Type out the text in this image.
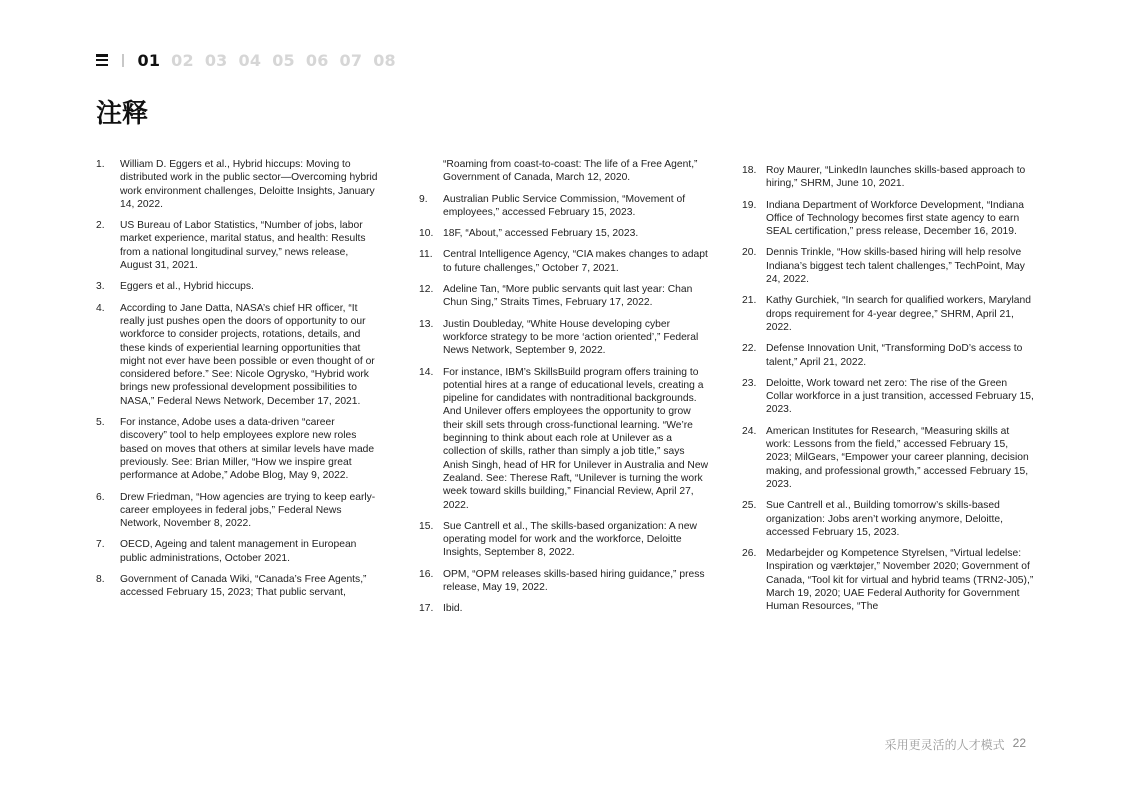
01 02 03 04 05 06 07 08
注释
1.	William D. Eggers et al., Hybrid hiccups: Moving to distributed work in the public sector—Overcoming hybrid work environment challenges, Deloitte Insights, January 14, 2022.
2.	US Bureau of Labor Statistics, “Number of jobs, labor market experience, marital status, and health: Results from a national longitudinal survey,” news release, August 31, 2021.
3.	Eggers et al., Hybrid hiccups.
4.	According to Jane Datta, NASA’s chief HR officer, “It really just pushes open the doors of opportunity to our workforce to consider projects, rotations, details, and these kinds of experiential learning opportunities that might not ever have been possible or even thought of or considered before.” See: Nicole Ogrysko, “Hybrid work brings new professional development possibilities to NASA,” Federal News Network, December 17, 2021.
5.	For instance, Adobe uses a data-driven “career discovery” tool to help employees explore new roles based on moves that others at similar levels have made previously. See: Brian Miller, “How we inspire great performance at Adobe,” Adobe Blog, May 9, 2022.
6.	Drew Friedman, “How agencies are trying to keep early-career employees in federal jobs,” Federal News Network, November 8, 2022.
7.	OECD, Ageing and talent management in European public administrations, October 2021.
8.	Government of Canada Wiki, “Canada’s Free Agents,” accessed February 15, 2023; That public servant,
“Roaming from coast-to-coast: The life of a Free Agent,” Government of Canada, March 12, 2020.
9.	Australian Public Service Commission, “Movement of employees,” accessed February 15, 2023.
10. 18F, “About,” accessed February 15, 2023.
11.	Central Intelligence Agency, “CIA makes changes to adapt to future challenges,” October 7, 2021.
12. Adeline Tan, “More public servants quit last year: Chan Chun Sing,” Straits Times, February 17, 2022.
13. Justin Doubleday, “White House developing cyber workforce strategy to be more ‘action oriented’,” Federal News Network, September 9, 2022.
14. For instance, IBM’s SkillsBuild program offers training to potential hires at a range of educational levels, creating a pipeline for candidates with nontraditional backgrounds. And Unilever offers employees the opportunity to grow their skill sets through cross-functional learning. “We’re beginning to think about each role at Unilever as a collection of skills, rather than simply a job title,” says Anish Singh, head of HR for Unilever in Australia and New Zealand. See: Therese Raft, “Unilever is turning the work week toward skills building,” Financial Review, April 27, 2022.
15. Sue Cantrell et al., The skills-based organization: A new operating model for work and the workforce, Deloitte Insights, September 8, 2022.
16. OPM, “OPM releases skills-based hiring guidance,” press release, May 19, 2022.
17. Ibid.
18. Roy Maurer, “LinkedIn launches skills-based approach to hiring,” SHRM, June 10, 2021.
19. Indiana Department of Workforce Development, “Indiana Office of Technology becomes first state agency to earn SEAL certification,” press release, December 16, 2019.
20. Dennis Trinkle, “How skills-based hiring will help resolve Indiana’s biggest tech talent challenges,” TechPoint, May 24, 2022.
21. Kathy Gurchiek, “In search for qualified workers, Maryland drops requirement for 4-year degree,” SHRM, April 21, 2022.
22. Defense Innovation Unit, “Transforming DoD’s access to talent,” April 21, 2022.
23. Deloitte, Work toward net zero: The rise of the Green Collar workforce in a just transition, accessed February 15, 2023.
24. American Institutes for Research, “Measuring skills at work: Lessons from the field,” accessed February 15, 2023; MilGears, “Empower your career planning, decision making, and professional growth,” accessed February 15, 2023.
25. Sue Cantrell et al., Building tomorrow’s skills-based organization: Jobs aren’t working anymore, Deloitte, accessed February 15, 2023.
26. Medarbejder og Kompetence Styrelsen, “Virtual ledelse: Inspiration og værktøjer,” November 2020; Government of Canada, “Tool kit for virtual and hybrid teams (TRN2-J05),” March 19, 2020; UAE Federal Authority for Government Human Resources, “The
采用更灵活的人才模式 22
